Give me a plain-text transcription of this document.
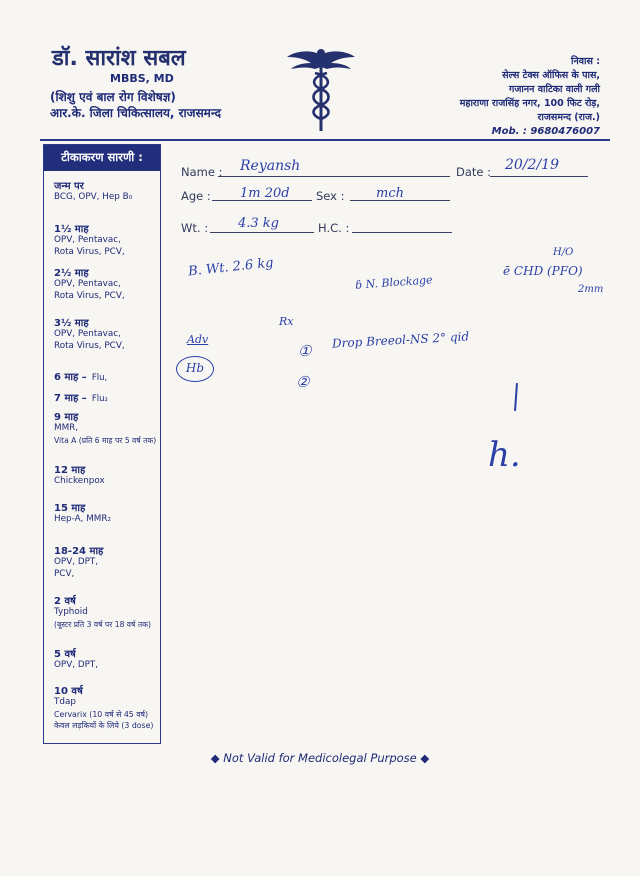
डॉ. सारांश सबल
MBBS, MD
(शिशु एवं बाल रोग विशेषज्ञ)
आर.के. जिला चिकित्सालय, राजसमन्द
निवास :
सेल्स टेक्स ऑफिस के पास,
गजानन वाटिका वाली गली
महाराणा राजसिंह नगर, 100 फिट रोड़,
राजसमन्द (राज.)
Mob. : 9680476007
टीकाकरण सारणी :
जन्म पर
BCG, OPV, Hep B₀
1½ माह
OPV, Pentavac,
Rota Virus, PCV,
2½ माह
OPV, Pentavac,
Rota Virus, PCV,
3½ माह
OPV, Pentavac,
Rota Virus, PCV,
6 माह – Flu,
7 माह – Flu₂
9 माह
MMR,
Vita A (प्रति 6 माह पर 5 वर्ष तक)
12 माह
Chickenpox
15 माह
Hep-A, MMR₂
18-24 माह
OPV, DPT,
PCV,
2 वर्ष
Typhoid
(बूस्टर प्रति 3 वर्ष पर 18 वर्ष तक)
5 वर्ष
OPV, DPT,
10 वर्ष
Tdap
Cervarix (10 वर्ष से 45 वर्ष)
केवल लड़कियों के लिये (3 dose)
Name : Reyansh	Date : 20/2/19
Age : 1m 20d Sex : mch
Wt. : 4.3 kg	H.C. :
B. Wt. 2.6 kg
ɓ N. Blockage
H/O
ē CHD (PFO)
2mm
Rx
Adv
Hb
①
Drop Breeol-NS 2° qid
②
h.
◆ Not Valid for Medicolegal Purpose ◆
